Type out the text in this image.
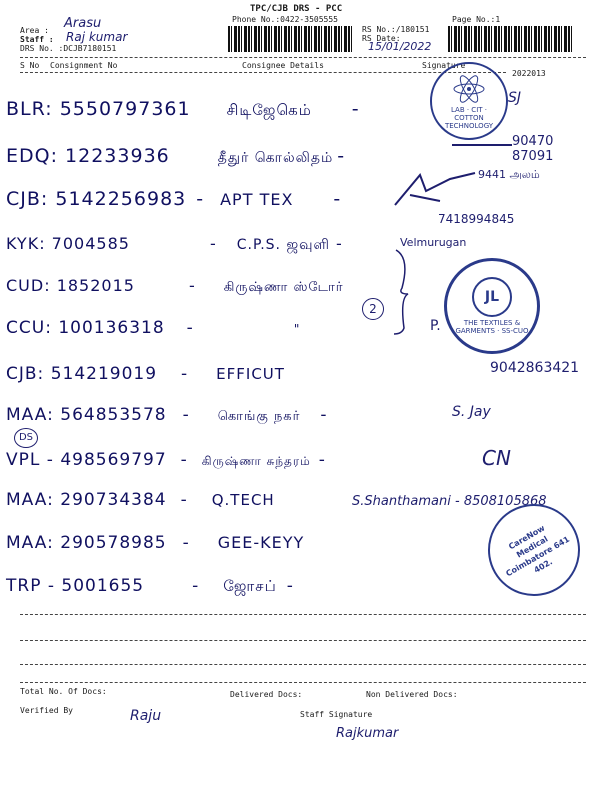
TPC/CJB DRS - PCC
Phone No.:0422-3505555	Page No.:1
Area : Arasu
Staff : Raj kumar
DRS No. :DCJB7180151
RS No.:/180151
RS Date:
15/01/2022
S No Consignment No	Consignee Details	Signature
2022013
BLR: 5550797361 சிடிஜேகெம் -
EDQ: 12233936	தீதுர் கொல்லிதம் -
CJB: 5142256983 - APT TEX -
KYK: 7004585	- C.P.S. ஜவுளி -
CUD: 1852015	- கிருஷ்ணா ஸ்டோர்
CCU: 100136318 -	"
CJB: 514219019 - EFFICUT
MAA: 564853578 - கொங்கு நகர் -
VPL - 498569797 - கிருஷ்ணா சுந்தரம் -
MAA: 290734384 - Q.TECH
MAA: 290578985 - GEE-KEYY
TRP - 5001655	- ஜோசப் -
SJ
90470 87091
9441 அலம்
7418994845
Velmurugan
2
P.
9042863421
S. Jay
CN
S.Shanthamani - 8508105868
DS
LAB · CIT · COTTON TECHNOLOGY
JL
THE TEXTILES & GARMENTS · SS-CUO
CareNow Medical Coimbatore 641 402.
Total No. Of Docs:	Delivered Docs:	Non Delivered Docs:
Verified By	Raju	Staff Signature
Rajkumar
